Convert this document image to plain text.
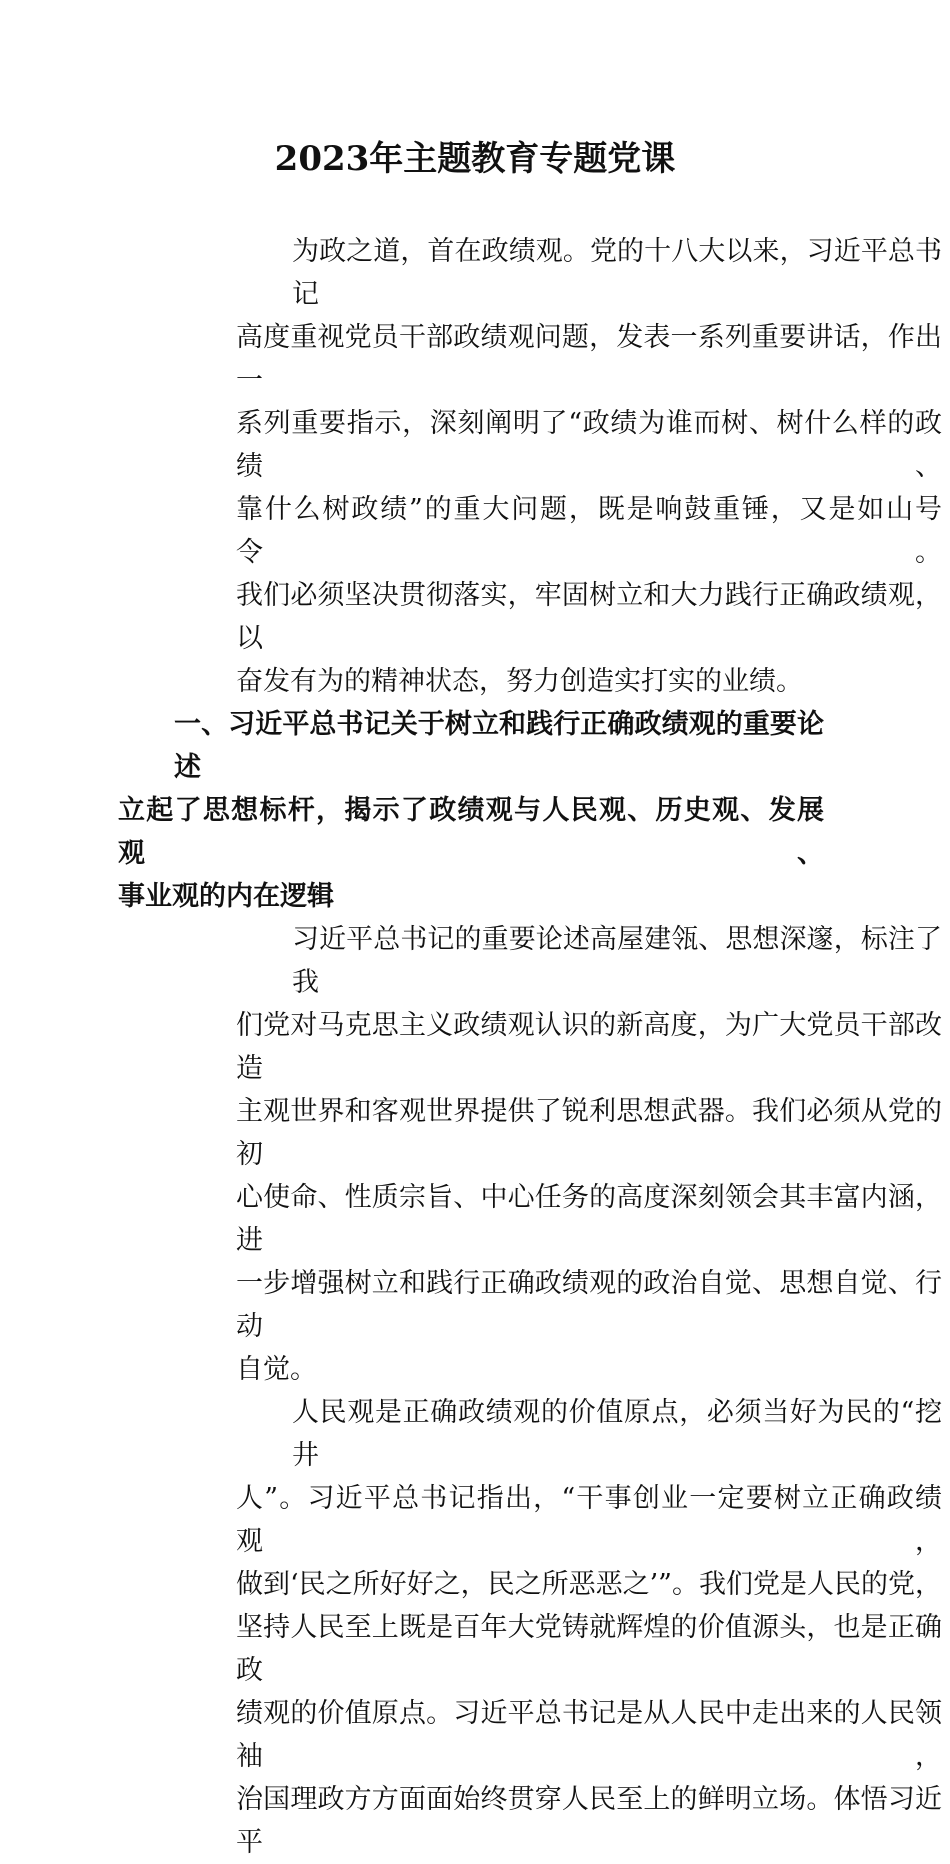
2023年主题教育专题党课
为政之道，首在政绩观。党的十八大以来，习近平总书记
高度重视党员干部政绩观问题，发表一系列重要讲话，作出一
系列重要指示，深刻阐明了“政绩为谁而树、树什么样的政绩、
靠什么树政绩”的重大问题，既是响鼓重锤，又是如山号令。
我们必须坚决贯彻落实，牢固树立和大力践行正确政绩观，以
奋发有为的精神状态，努力创造实打实的业绩。
一、习近平总书记关于树立和践行正确政绩观的重要论述
立起了思想标杆，揭示了政绩观与人民观、历史观、发展观、
事业观的内在逻辑
习近平总书记的重要论述高屋建瓴、思想深邃，标注了我
们党对马克思主义政绩观认识的新高度，为广大党员干部改造
主观世界和客观世界提供了锐利思想武器。我们必须从党的初
心使命、性质宗旨、中心任务的高度深刻领会其丰富内涵，进
一步增强树立和践行正确政绩观的政治自觉、思想自觉、行动
自觉。
人民观是正确政绩观的价值原点，必须当好为民的“挖井
人”。习近平总书记指出，“干事创业一定要树立正确政绩观，
做到‘民之所好好之，民之所恶恶之’”。我们党是人民的党，
坚持人民至上既是百年大党铸就辉煌的价值源头，也是正确政
绩观的价值原点。习近平总书记是从人民中走出来的人民领袖，
治国理政方方面面始终贯穿人民至上的鲜明立场。体悟习近平
